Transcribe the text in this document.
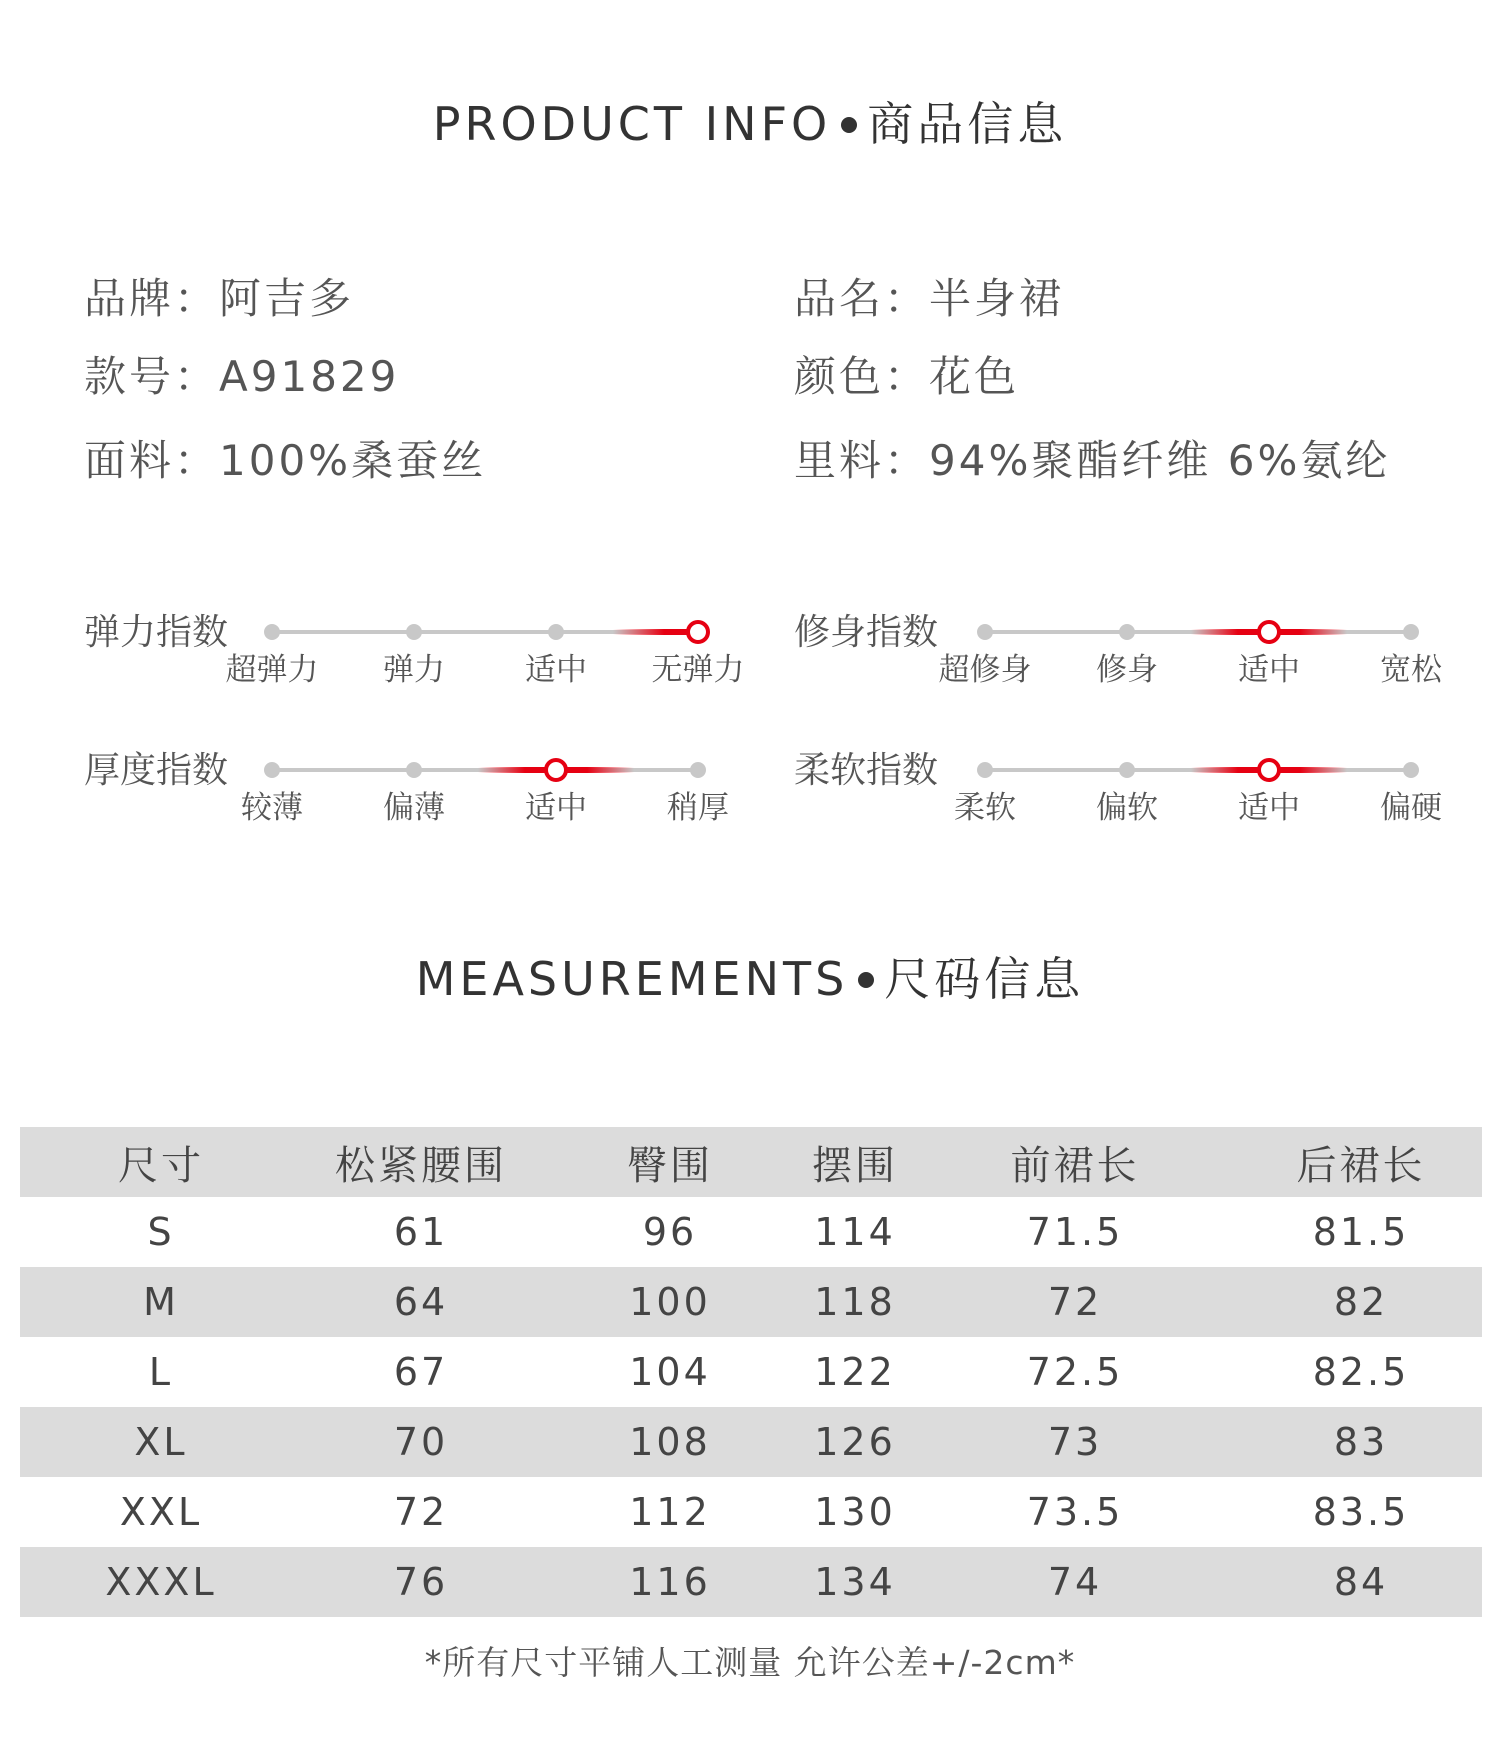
PRODUCT INFO 商品信息
品牌：阿吉多	品名：半身裙
款号：A91829	颜色：花色
面料：100%桑蚕丝	里料：94%聚酯纤维 6%氨纶
弹力指数
超弹力 弹力	适中 无弹力
修身指数
超修身 修身	适中	宽松
厚度指数
较薄	偏薄	适中	稍厚
柔软指数
柔软	偏软	适中	偏硬
MEASUREMENTS 尺码信息
尺寸	松紧腰围	臀围	摆围	前裙长	后裙长
S	61	96	114	71.5	81.5
M	64	100	118	72	82
L	67	104	122	72.5	82.5
XL	70	108	126	73	83
XXL	72	112	130	73.5	83.5
XXXL	76	116	134	74	84
*所有尺寸平铺人工测量 允许公差+/-2cm*
